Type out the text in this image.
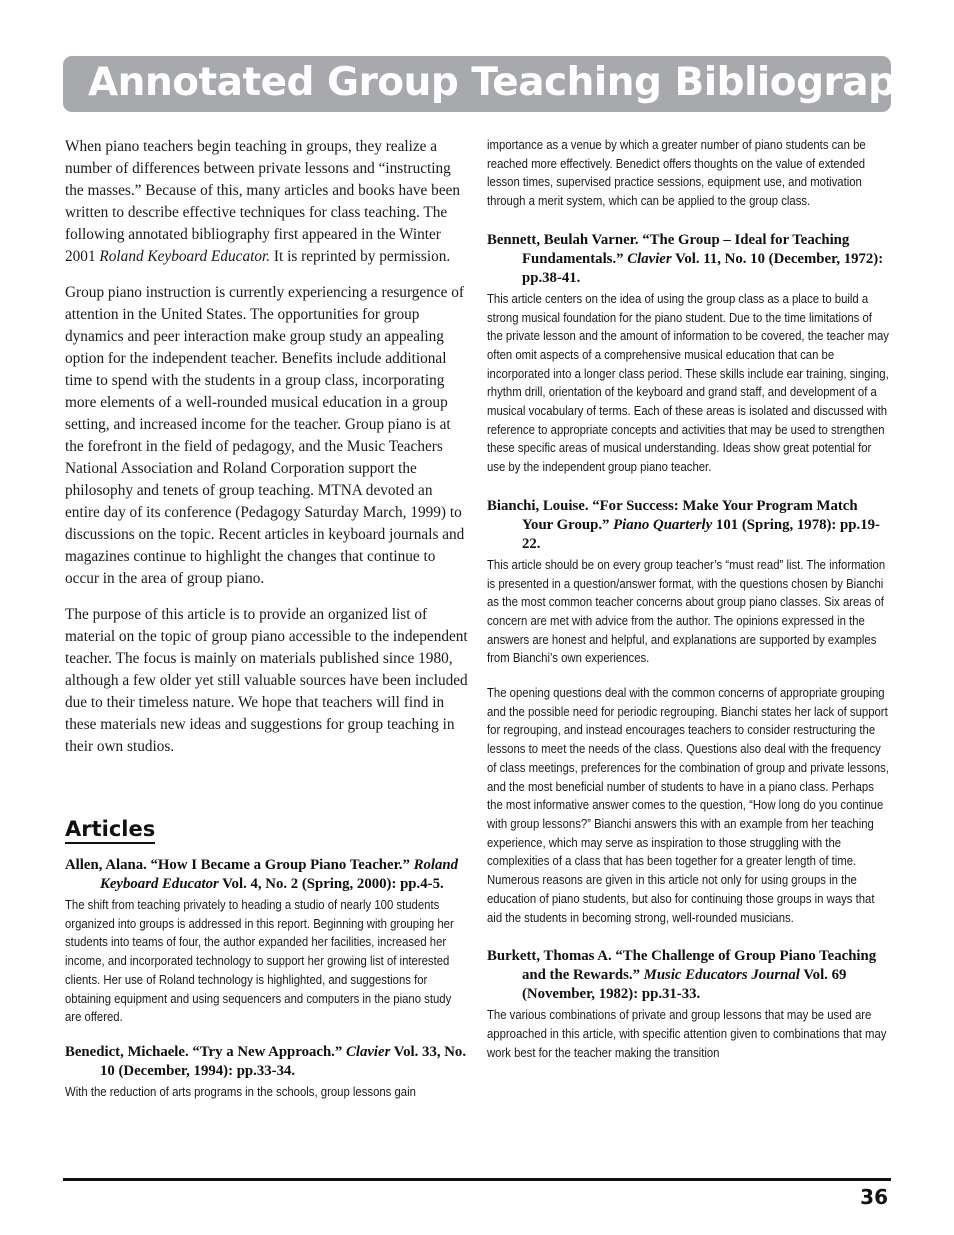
Annotated Group Teaching Bibliography

When piano teachers begin teaching in groups, they realize a number of differences between private lessons and “instructing the masses.” Because of this, many articles and books have been written to describe effective techniques for class teaching. The following annotated bibliography first appeared in the Winter 2001 Roland Keyboard Educator. It is reprinted by permission.

Group piano instruction is currently experiencing a resurgence of attention in the United States. The opportunities for group dynamics and peer interaction make group study an appealing option for the independent teacher. Benefits include additional time to spend with the students in a group class, incorporating more elements of a well-rounded musical education in a group setting, and increased income for the teacher. Group piano is at the forefront in the field of pedagogy, and the Music Teachers National Association and Roland Corporation support the philosophy and tenets of group teaching. MTNA devoted an entire day of its conference (Pedagogy Saturday March, 1999) to discussions on the topic. Recent articles in keyboard journals and magazines continue to highlight the changes that continue to occur in the area of group piano.

The purpose of this article is to provide an organized list of material on the topic of group piano accessible to the independent teacher. The focus is mainly on materials published since 1980, although a few older yet still valuable sources have been included due to their timeless nature. We hope that teachers will find in these materials new ideas and suggestions for group teaching in their own studios.

Articles

Allen, Alana. “How I Became a Group Piano Teacher.” Roland Keyboard Educator Vol. 4, No. 2 (Spring, 2000): pp.4-5.

The shift from teaching privately to heading a studio of nearly 100 students organized into groups is addressed in this report. Beginning with grouping her students into teams of four, the author expanded her facilities, increased her income, and incorporated technology to support her growing list of interested clients. Her use of Roland technology is highlighted, and suggestions for obtaining equipment and using sequencers and computers in the piano study are offered.

Benedict, Michaele. “Try a New Approach.” Clavier Vol. 33, No. 10 (December, 1994): pp.33-34.

With the reduction of arts programs in the schools, group lessons gain

importance as a venue by which a greater number of piano students can be reached more effectively. Benedict offers thoughts on the value of extended lesson times, supervised practice sessions, equipment use, and motivation through a merit system, which can be applied to the group class.

Bennett, Beulah Varner. “The Group – Ideal for Teaching Fundamentals.” Clavier Vol. 11, No. 10 (December, 1972): pp.38-41.

This article centers on the idea of using the group class as a place to build a strong musical foundation for the piano student. Due to the time limitations of the private lesson and the amount of information to be covered, the teacher may often omit aspects of a comprehensive musical education that can be incorporated into a longer class period. These skills include ear training, singing, rhythm drill, orientation of the keyboard and grand staff, and development of a musical vocabulary of terms. Each of these areas is isolated and discussed with reference to appropriate concepts and activities that may be used to strengthen these specific areas of musical understanding. Ideas show great potential for use by the independent group piano teacher.

Bianchi, Louise. “For Success: Make Your Program Match Your Group.” Piano Quarterly 101 (Spring, 1978): pp.19-22.

This article should be on every group teacher’s “must read” list. The information is presented in a question/answer format, with the questions chosen by Bianchi as the most common teacher concerns about group piano classes. Six areas of concern are met with advice from the author. The opinions expressed in the answers are honest and helpful, and explanations are supported by examples from Bianchi’s own experiences.

The opening questions deal with the common concerns of appropriate grouping and the possible need for periodic regrouping. Bianchi states her lack of support for regrouping, and instead encourages teachers to consider restructuring the lessons to meet the needs of the class. Questions also deal with the frequency of class meetings, preferences for the combination of group and private lessons, and the most beneficial number of students to have in a piano class. Perhaps the most informative answer comes to the question, “How long do you continue with group lessons?” Bianchi answers this with an example from her teaching experience, which may serve as inspiration to those struggling with the complexities of a class that has been together for a greater length of time. Numerous reasons are given in this article not only for using groups in the education of piano students, but also for continuing those groups in ways that aid the students in becoming strong, well-rounded musicians.

Burkett, Thomas A. “The Challenge of Group Piano Teaching and the Rewards.” Music Educators Journal Vol. 69 (November, 1982): pp.31-33.

The various combinations of private and group lessons that may be used are approached in this article, with specific attention given to combinations that may work best for the teacher making the transition

36
